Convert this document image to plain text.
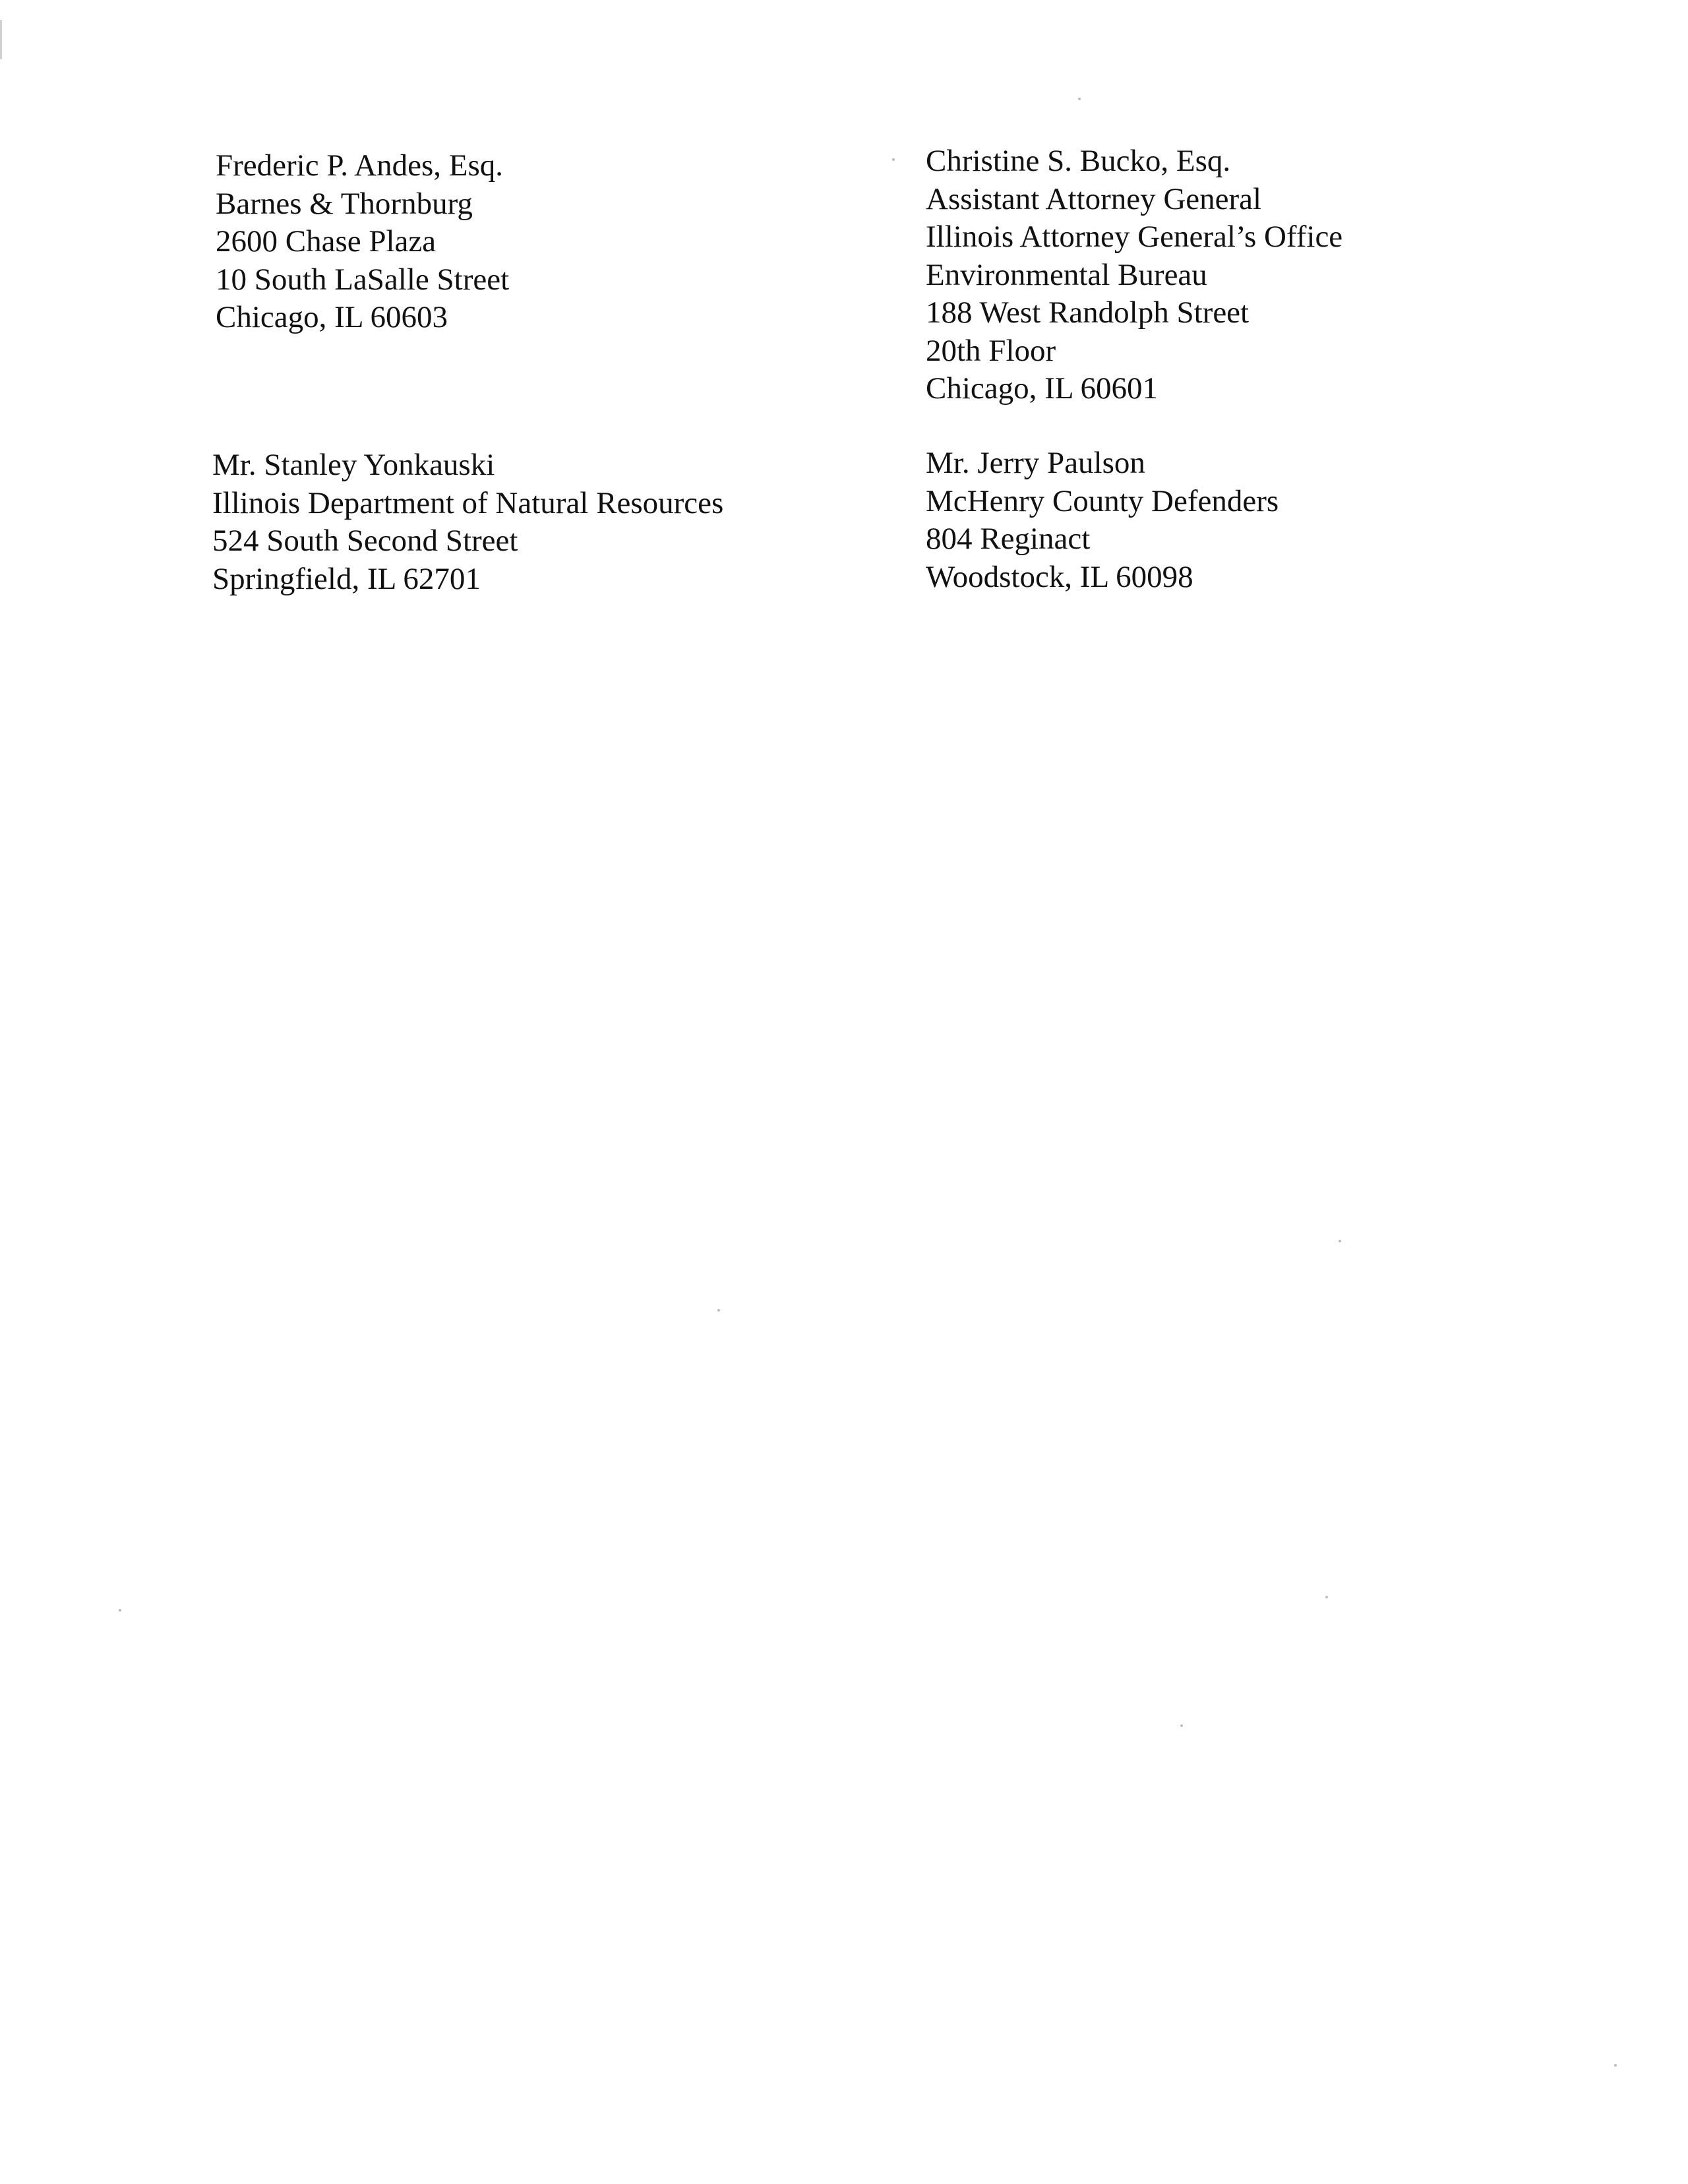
Frederic P. Andes, Esq.
Barnes & Thornburg
2600 Chase Plaza
10 South LaSalle Street
Chicago, IL 60603
Christine S. Bucko, Esq.
Assistant Attorney General
Illinois Attorney General’s Office
Environmental Bureau
188 West Randolph Street
20th Floor
Chicago, IL 60601
Mr. Stanley Yonkauski
Illinois Department of Natural Resources
524 South Second Street
Springfield, IL 62701
Mr. Jerry Paulson
McHenry County Defenders
804 Reginact
Woodstock, IL 60098
